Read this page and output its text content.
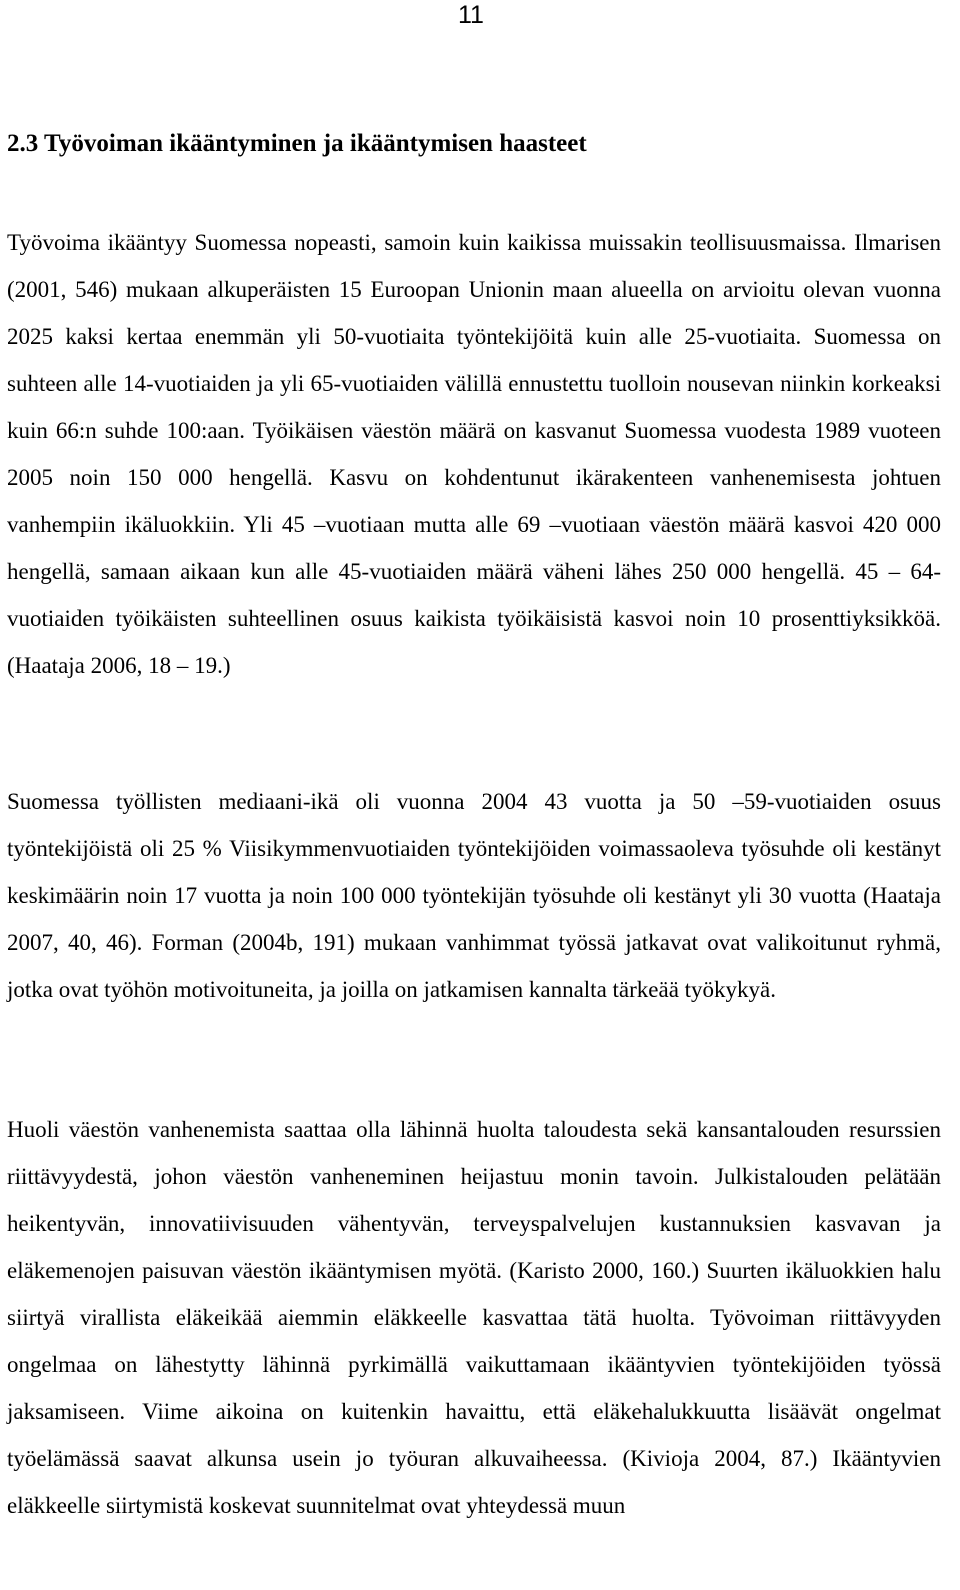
11
2.3 Työvoiman ikääntyminen ja ikääntymisen haasteet

Työvoima ikääntyy Suomessa nopeasti, samoin kuin kaikissa muissakin teollisuusmaissa. Ilmarisen (2001, 546) mukaan alkuperäisten 15 Euroopan Unionin maan alueella on arvioitu olevan vuonna 2025 kaksi kertaa enemmän yli 50-vuotiaita työntekijöitä kuin alle 25-vuotiaita. Suomessa on suhteen alle 14-vuotiaiden ja yli 65-vuotiaiden välillä ennustettu tuolloin nousevan niinkin korkeaksi kuin 66:n suhde 100:aan. Työikäisen väestön määrä on kasvanut Suomessa vuodesta 1989 vuoteen 2005 noin 150 000 hengellä. Kasvu on kohdentunut ikärakenteen vanhenemisesta johtuen vanhempiin ikäluokkiin. Yli 45 –vuotiaan mutta alle 69 –vuotiaan väestön määrä kasvoi 420 000 hengellä, samaan aikaan kun alle 45-vuotiaiden määrä väheni lähes 250 000 hengellä. 45 – 64-vuotiaiden työikäisten suhteellinen osuus kaikista työikäisistä kasvoi noin 10 prosenttiyksikköä. (Haataja 2006, 18 – 19.)

Suomessa työllisten mediaani-ikä oli vuonna 2004 43 vuotta ja 50 –59-vuotiaiden osuus työntekijöistä oli 25 % Viisikymmenvuotiaiden työntekijöiden voimassaoleva työsuhde oli kestänyt keskimäärin noin 17 vuotta ja noin 100 000 työntekijän työsuhde oli kestänyt yli 30 vuotta (Haataja 2007, 40, 46). Forman (2004b, 191) mukaan vanhimmat työssä jatkavat ovat valikoitunut ryhmä, jotka ovat työhön motivoituneita, ja joilla on jatkamisen kannalta tärkeää työkykyä.

Huoli väestön vanhenemista saattaa olla lähinnä huolta taloudesta sekä kansantalouden resurssien riittävyydestä, johon väestön vanheneminen heijastuu monin tavoin. Julkistalouden pelätään heikentyvän, innovatiivisuuden vähentyvän, terveyspalvelujen kustannuksien kasvavan ja eläkemenojen paisuvan väestön ikääntymisen myötä. (Karisto 2000, 160.) Suurten ikäluokkien halu siirtyä virallista eläkeikää aiemmin eläkkeelle kasvattaa tätä huolta. Työvoiman riittävyyden ongelmaa on lähestytty lähinnä pyrkimällä vaikuttamaan ikääntyvien työntekijöiden työssä jaksamiseen. Viime aikoina on kuitenkin havaittu, että eläkehalukkuutta lisäävät ongelmat työelämässä saavat alkunsa usein jo työuran alkuvaiheessa. (Kivioja 2004, 87.) Ikääntyvien eläkkeelle siirtymistä koskevat suunnitelmat ovat yhteydessä muun
